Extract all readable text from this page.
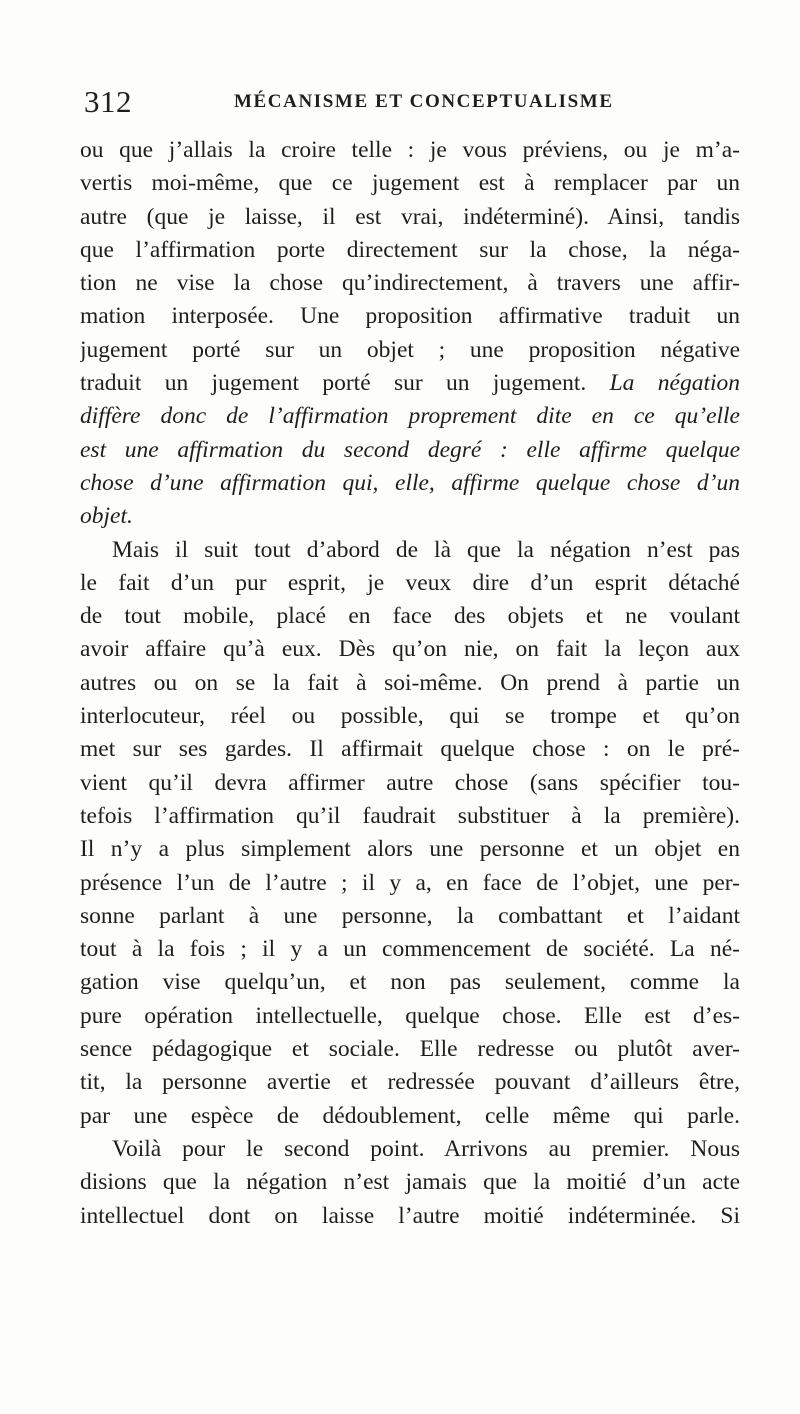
312	MÉCANISME ET CONCEPTUALISME
ou que j’allais la croire telle : je vous préviens, ou je m’a-
vertis moi-même, que ce jugement est à remplacer par un
autre (que je laisse, il est vrai, indéterminé). Ainsi, tandis
que l’affirmation porte directement sur la chose, la néga-
tion ne vise la chose qu’indirectement, à travers une affir-
mation interposée. Une proposition affirmative traduit un
jugement porté sur un objet ; une proposition négative
traduit un jugement porté sur un jugement. La négation
diffère donc de l’affirmation proprement dite en ce qu’elle
est une affirmation du second degré : elle affirme quelque
chose d’une affirmation qui, elle, affirme quelque chose d’un
objet.
Mais il suit tout d’abord de là que la négation n’est pas
le fait d’un pur esprit, je veux dire d’un esprit détaché
de tout mobile, placé en face des objets et ne voulant
avoir affaire qu’à eux. Dès qu’on nie, on fait la leçon aux
autres ou on se la fait à soi-même. On prend à partie un
interlocuteur, réel ou possible, qui se trompe et qu’on
met sur ses gardes. Il affirmait quelque chose : on le pré-
vient qu’il devra affirmer autre chose (sans spécifier tou-
tefois l’affirmation qu’il faudrait substituer à la première).
Il n’y a plus simplement alors une personne et un objet en
présence l’un de l’autre ; il y a, en face de l’objet, une per-
sonne parlant à une personne, la combattant et l’aidant
tout à la fois ; il y a un commencement de société. La né-
gation vise quelqu’un, et non pas seulement, comme la
pure opération intellectuelle, quelque chose. Elle est d’es-
sence pédagogique et sociale. Elle redresse ou plutôt aver-
tit, la personne avertie et redressée pouvant d’ailleurs être,
par une espèce de dédoublement, celle même qui parle.
Voilà pour le second point. Arrivons au premier. Nous
disions que la négation n’est jamais que la moitié d’un acte
intellectuel dont on laisse l’autre moitié indéterminée. Si
